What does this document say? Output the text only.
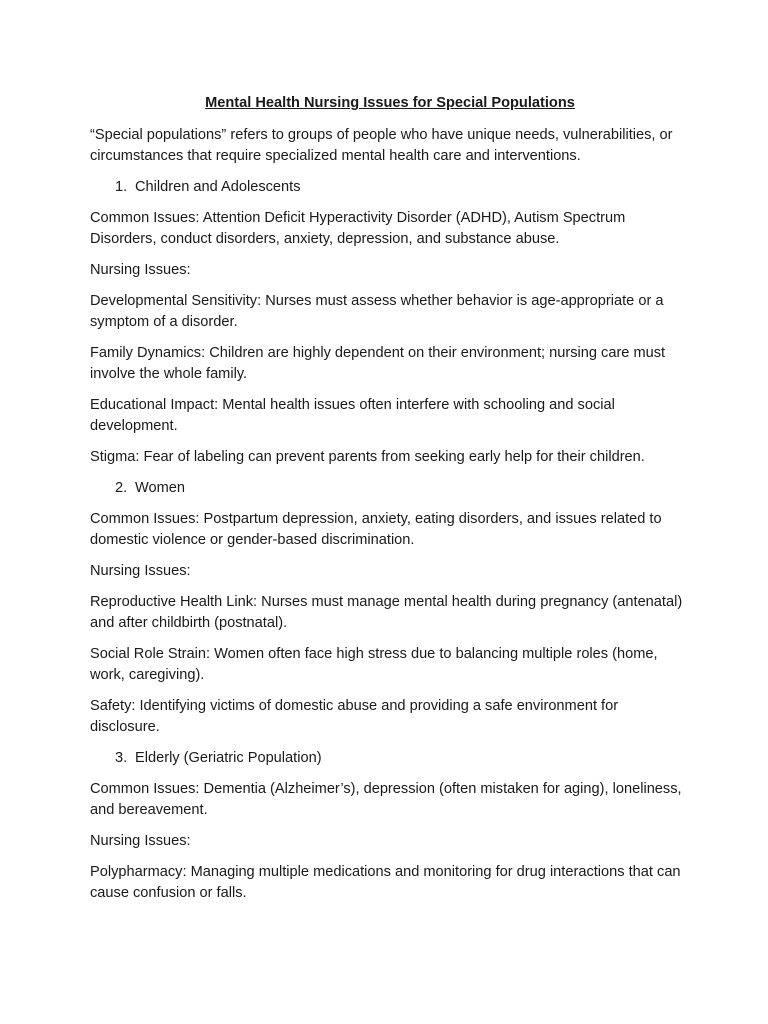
Mental Health Nursing Issues for Special Populations

“Special populations” refers to groups of people who have unique needs, vulnerabilities, or circumstances that require specialized mental health care and interventions.

1. Children and Adolescents

Common Issues: Attention Deficit Hyperactivity Disorder (ADHD), Autism Spectrum Disorders, conduct disorders, anxiety, depression, and substance abuse.

Nursing Issues:

Developmental Sensitivity: Nurses must assess whether behavior is age-appropriate or a symptom of a disorder.

Family Dynamics: Children are highly dependent on their environment; nursing care must involve the whole family.

Educational Impact: Mental health issues often interfere with schooling and social development.

Stigma: Fear of labeling can prevent parents from seeking early help for their children.

2. Women

Common Issues: Postpartum depression, anxiety, eating disorders, and issues related to domestic violence or gender-based discrimination.

Nursing Issues:

Reproductive Health Link: Nurses must manage mental health during pregnancy (antenatal) and after childbirth (postnatal).

Social Role Strain: Women often face high stress due to balancing multiple roles (home, work, caregiving).

Safety: Identifying victims of domestic abuse and providing a safe environment for disclosure.

3. Elderly (Geriatric Population)

Common Issues: Dementia (Alzheimer’s), depression (often mistaken for aging), loneliness, and bereavement.

Nursing Issues:

Polypharmacy: Managing multiple medications and monitoring for drug interactions that can cause confusion or falls.
